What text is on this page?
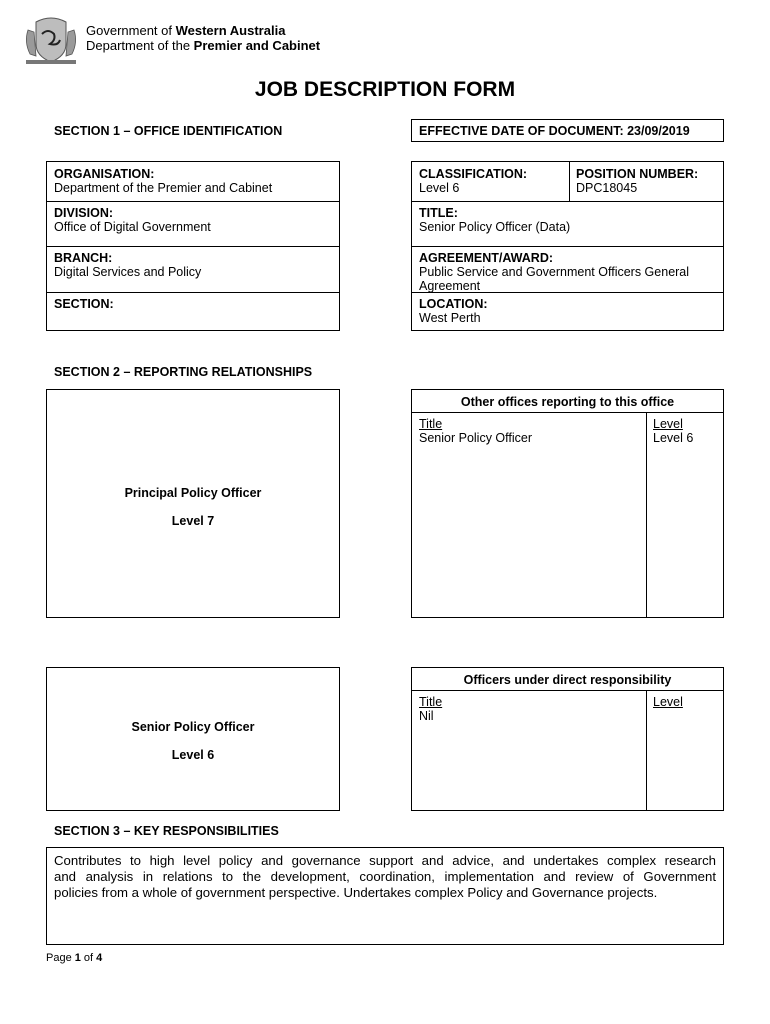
Government of Western Australia
Department of the Premier and Cabinet
JOB DESCRIPTION FORM
SECTION 1 – OFFICE IDENTIFICATION	EFFECTIVE DATE OF DOCUMENT: 23/09/2019
ORGANISATION:
Department of the Premier and Cabinet
DIVISION:
Office of Digital Government
BRANCH:
Digital Services and Policy
SECTION:
CLASSIFICATION:
Level 6
POSITION NUMBER:
DPC18045
TITLE:
Senior Policy Officer (Data)
AGREEMENT/AWARD:
Public Service and Government Officers General
Agreement
LOCATION:
West Perth
SECTION 2 – REPORTING RELATIONSHIPS
Principal Policy Officer
Level 7
Other offices reporting to this office
Title
Senior Policy Officer
Level
Level 6
Senior Policy Officer
Level 6
Officers under direct responsibility
Title
Nil
Level
SECTION 3 – KEY RESPONSIBILITIES
Contributes to high level policy and governance support and advice, and undertakes complex research
and analysis in relations to the development, coordination, implementation and review of Government
policies from a whole of government perspective. Undertakes complex Policy and Governance projects.
Page 1 of 4
